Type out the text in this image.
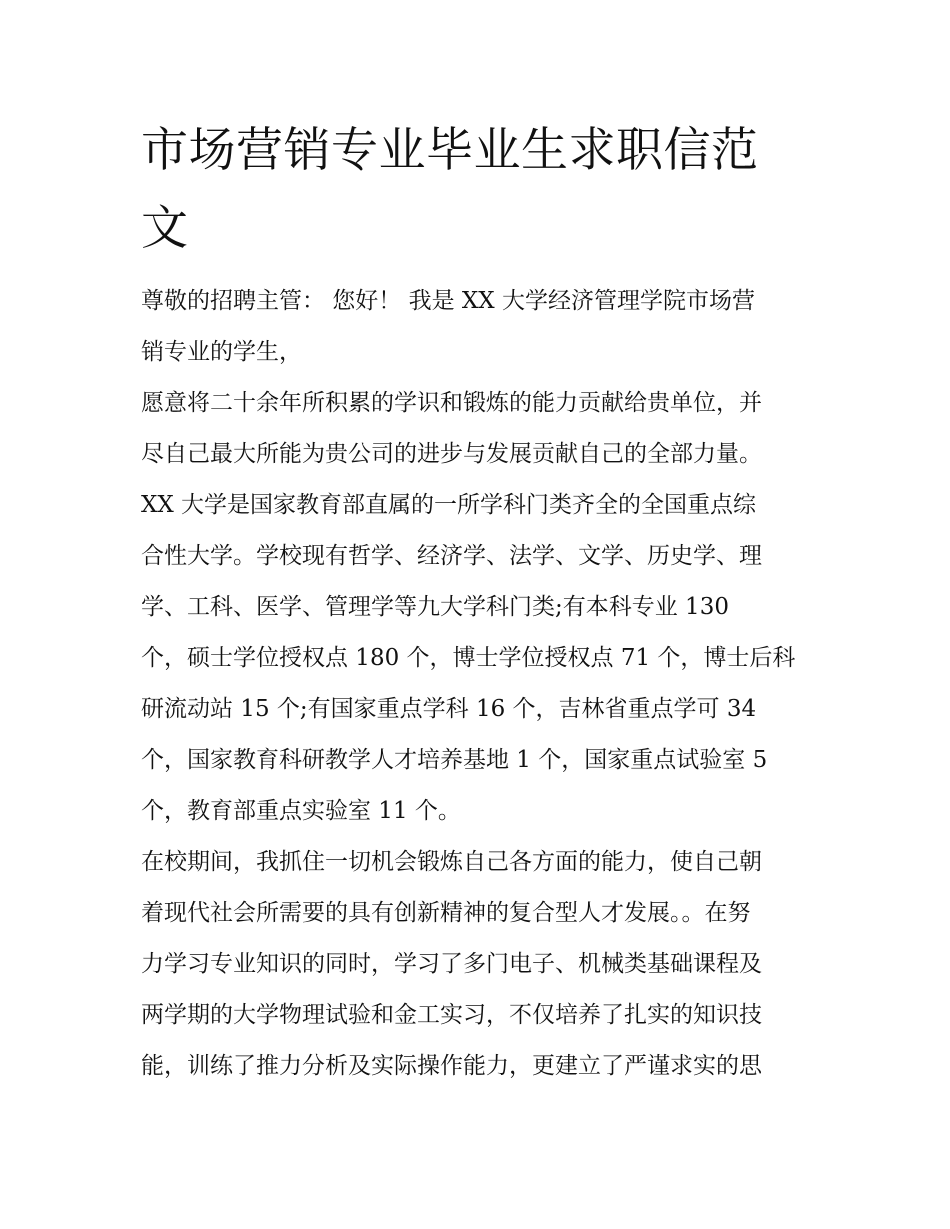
市场营销专业毕业生求职信范
文
尊敬的招聘主管： 您好！ 我是 XX 大学经济管理学院市场营
销专业的学生，
愿意将二十余年所积累的学识和锻炼的能力贡献给贵单位，并
尽自己最大所能为贵公司的进步与发展贡献自己的全部力量。
XX 大学是国家教育部直属的一所学科门类齐全的全国重点综
合性大学。学校现有哲学、经济学、法学、文学、历史学、理
学、工科、医学、管理学等九大学科门类;有本科专业 130
个，硕士学位授权点 180 个，博士学位授权点 71 个，博士后科
研流动站 15 个;有国家重点学科 16 个，吉林省重点学可 34
个，国家教育科研教学人才培养基地 1 个，国家重点试验室 5
个，教育部重点实验室 11 个。
在校期间，我抓住一切机会锻炼自己各方面的能力，使自己朝
着现代社会所需要的具有创新精神的复合型人才发展。。在努
力学习专业知识的同时，学习了多门电子、机械类基础课程及
两学期的大学物理试验和金工实习，不仅培养了扎实的知识技
能，训练了推力分析及实际操作能力，更建立了严谨求实的思
